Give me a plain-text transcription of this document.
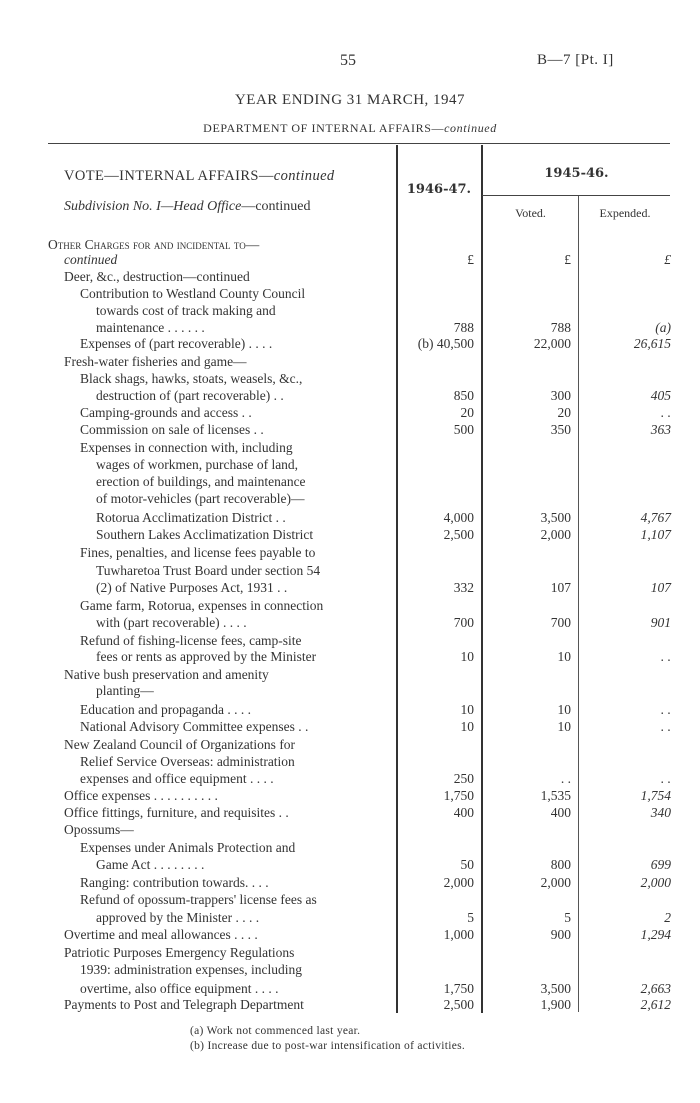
55	B—7 [Pt. I]
YEAR ENDING 31 MARCH, 1947
DEPARTMENT OF INTERNAL AFFAIRS—continued
1946-47.
1945-46.
Voted.	Expended.
VOTE—INTERNAL AFFAIRS—continued
Subdivision No. I—Head Office—continued
Other Charges for and incidental to—
continued	£	£	£
Deer, &c., destruction—continued
Contribution to Westland County Council
towards cost of track making and
maintenance . . . . . .	788	788	(a)
Expenses of (part recoverable) . . . .	(b) 40,500	22,000	26,615
Fresh-water fisheries and game—
Black shags, hawks, stoats, weasels, &c.,
destruction of (part recoverable) . .	850	300	405
Camping-grounds and access . .	20	20	. .
Commission on sale of licenses . .	500	350	363
Expenses in connection with, including
wages of workmen, purchase of land,
erection of buildings, and maintenance
of motor-vehicles (part recoverable)—
Rotorua Acclimatization District . .	4,000	3,500	4,767
Southern Lakes Acclimatization District	2,500	2,000	1,107
Fines, penalties, and license fees payable to
Tuwharetoa Trust Board under section 54
(2) of Native Purposes Act, 1931 . .	332	107	107
Game farm, Rotorua, expenses in connection
with (part recoverable) . . . .	700	700	901
Refund of fishing-license fees, camp-site
fees or rents as approved by the Minister	10	10	. .
Native bush preservation and amenity
planting—
Education and propaganda . . . .	10	10	. .
National Advisory Committee expenses . .	10	10	. .
New Zealand Council of Organizations for
Relief Service Overseas: administration
expenses and office equipment . . . .	250	. .	. .
Office expenses . . . . . . . . . .	1,750	1,535	1,754
Office fittings, furniture, and requisites . .	400	400	340
Opossums—
Expenses under Animals Protection and
Game Act . . . . . . . .	50	800	699
Ranging: contribution towards. . . .	2,000	2,000	2,000
Refund of opossum-trappers' license fees as
approved by the Minister . . . .	5	5	2
Overtime and meal allowances . . . .	1,000	900	1,294
Patriotic Purposes Emergency Regulations
1939: administration expenses, including
overtime, also office equipment . . . .	1,750	3,500	2,663
Payments to Post and Telegraph Department	2,500	1,900	2,612
(a) Work not commenced last year.
(b) Increase due to post-war intensification of activities.
